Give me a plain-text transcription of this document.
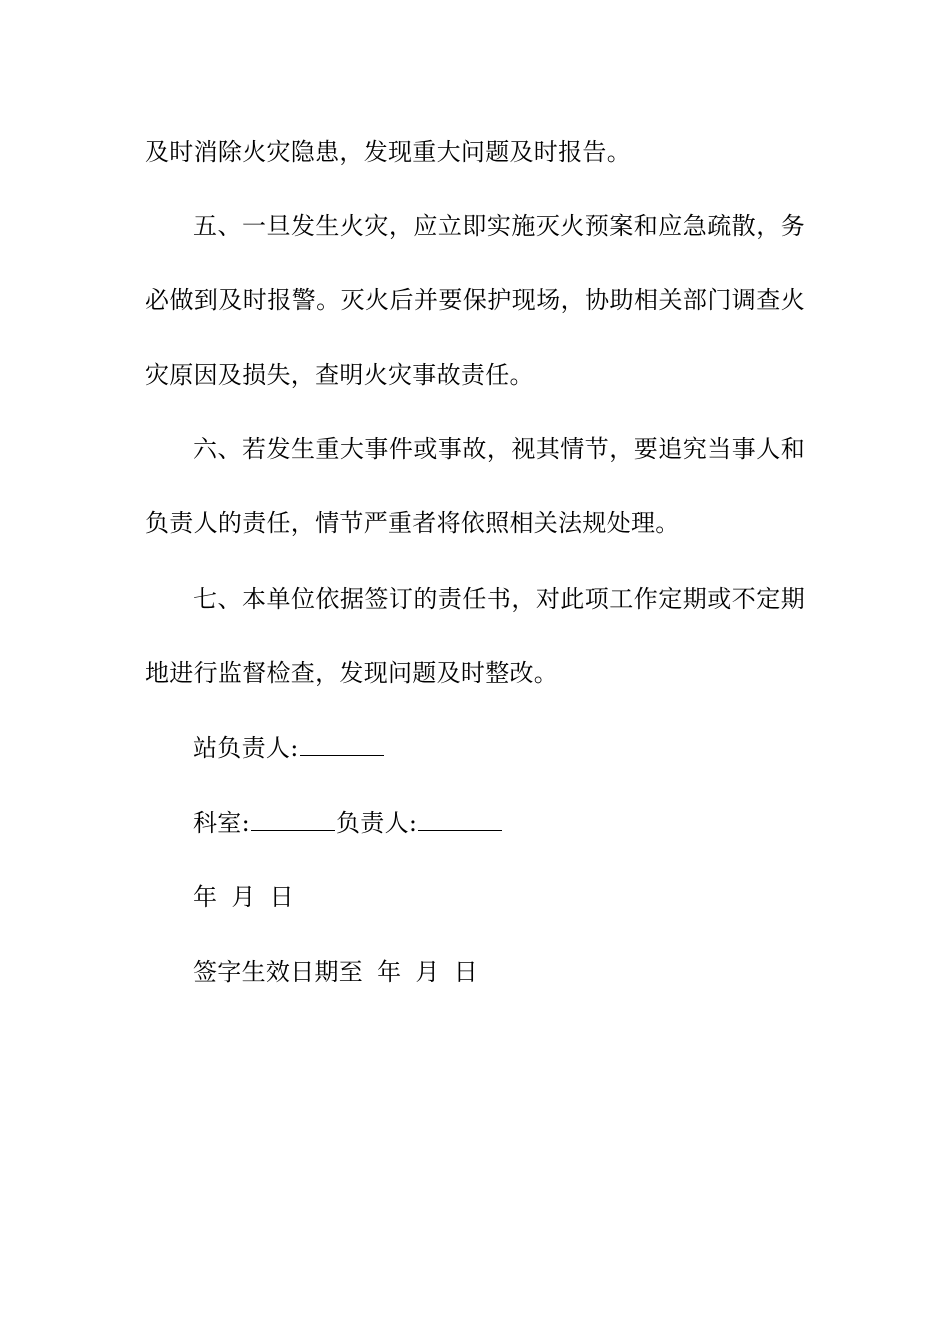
及时消除火灾隐患，发现重大问题及时报告。
五、一旦发生火灾，应立即实施灭火预案和应急疏散，务
必做到及时报警。灭火后并要保护现场，协助相关部门调查火
灾原因及损失，查明火灾事故责任。
六、若发生重大事件或事故，视其情节，要追究当事人和
负责人的责任，情节严重者将依照相关法规处理。
七、本单位依据签订的责任书，对此项工作定期或不定期
地进行监督检查，发现问题及时整改。
站负责人:
科室:	负责人:
年 月 日
签字生效日期至 年 月 日
